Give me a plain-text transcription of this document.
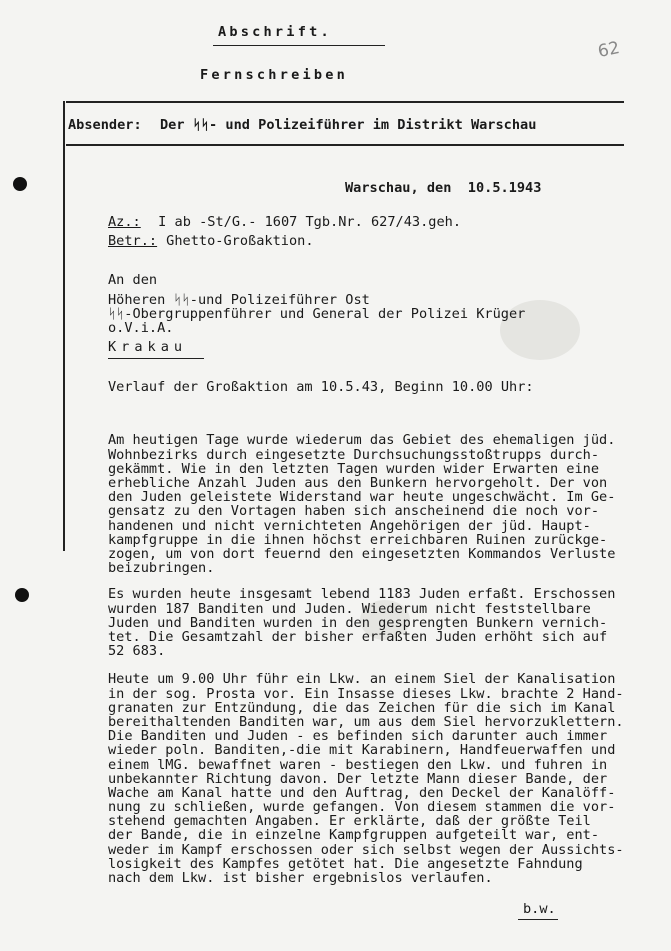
62
Abschrift.
Fernschreiben
Absender: Der ᛋᛋ- und Polizeiführer im Distrikt Warschau
Warschau, den  10.5.1943
Az.: I ab -St/G.- 1607 Tgb.Nr. 627/43.geh.
Betr.: Ghetto-Großaktion.
An den
Höheren ᛋᛋ-und Polizeiführer Ost
ᛋᛋ-Obergruppenführer und General der Polizei Krüger
o.V.i.A.
Krakau
Verlauf der Großaktion am 10.5.43, Beginn 10.00 Uhr:

Am heutigen Tage wurde wiederum das Gebiet des ehemaligen jüd.
Wohnbezirks durch eingesetzte Durchsuchungsstoßtrupps durch-
gekämmt. Wie in den letzten Tagen wurden wider Erwarten eine
erhebliche Anzahl Juden aus den Bunkern hervorgeholt. Der von
den Juden geleistete Widerstand war heute ungeschwächt. Im Ge-
gensatz zu den Vortagen haben sich anscheinend die noch vor-
handenen und nicht vernichteten Angehörigen der jüd. Haupt-
kampfgruppe in die ihnen höchst erreichbaren Ruinen zurückge-
zogen, um von dort feuernd den eingesetzten Kommandos Verluste
beizubringen.

Es wurden heute insgesamt lebend 1183 Juden erfaßt. Erschossen
wurden 187 Banditen und Juden. Wiederum nicht feststellbare
Juden und Banditen wurden in den gesprengten Bunkern vernich-
tet. Die Gesamtzahl der bisher erfaßten Juden erhöht sich auf
52 683.

Heute um 9.00 Uhr führ ein Lkw. an einem Siel der Kanalisation
in der sog. Prosta vor. Ein Insasse dieses Lkw. brachte 2 Hand-
granaten zur Entzündung, die das Zeichen für die sich im Kanal
bereithaltenden Banditen war, um aus dem Siel hervorzuklettern.
Die Banditen und Juden - es befinden sich darunter auch immer
wieder poln. Banditen,-die mit Karabinern, Handfeuerwaffen und
einem lMG. bewaffnet waren - bestiegen den Lkw. und fuhren in
unbekannter Richtung davon. Der letzte Mann dieser Bande, der
Wache am Kanal hatte und den Auftrag, den Deckel der Kanalöff-
nung zu schließen, wurde gefangen. Von diesem stammen die vor-
stehend gemachten Angaben. Er erklärte, daß der größte Teil
der Bande, die in einzelne Kampfgruppen aufgeteilt war, ent-
weder im Kampf erschossen oder sich selbst wegen der Aussichts-
losigkeit des Kampfes getötet hat. Die angesetzte Fahndung
nach dem Lkw. ist bisher ergebnislos verlaufen.

b.w.
